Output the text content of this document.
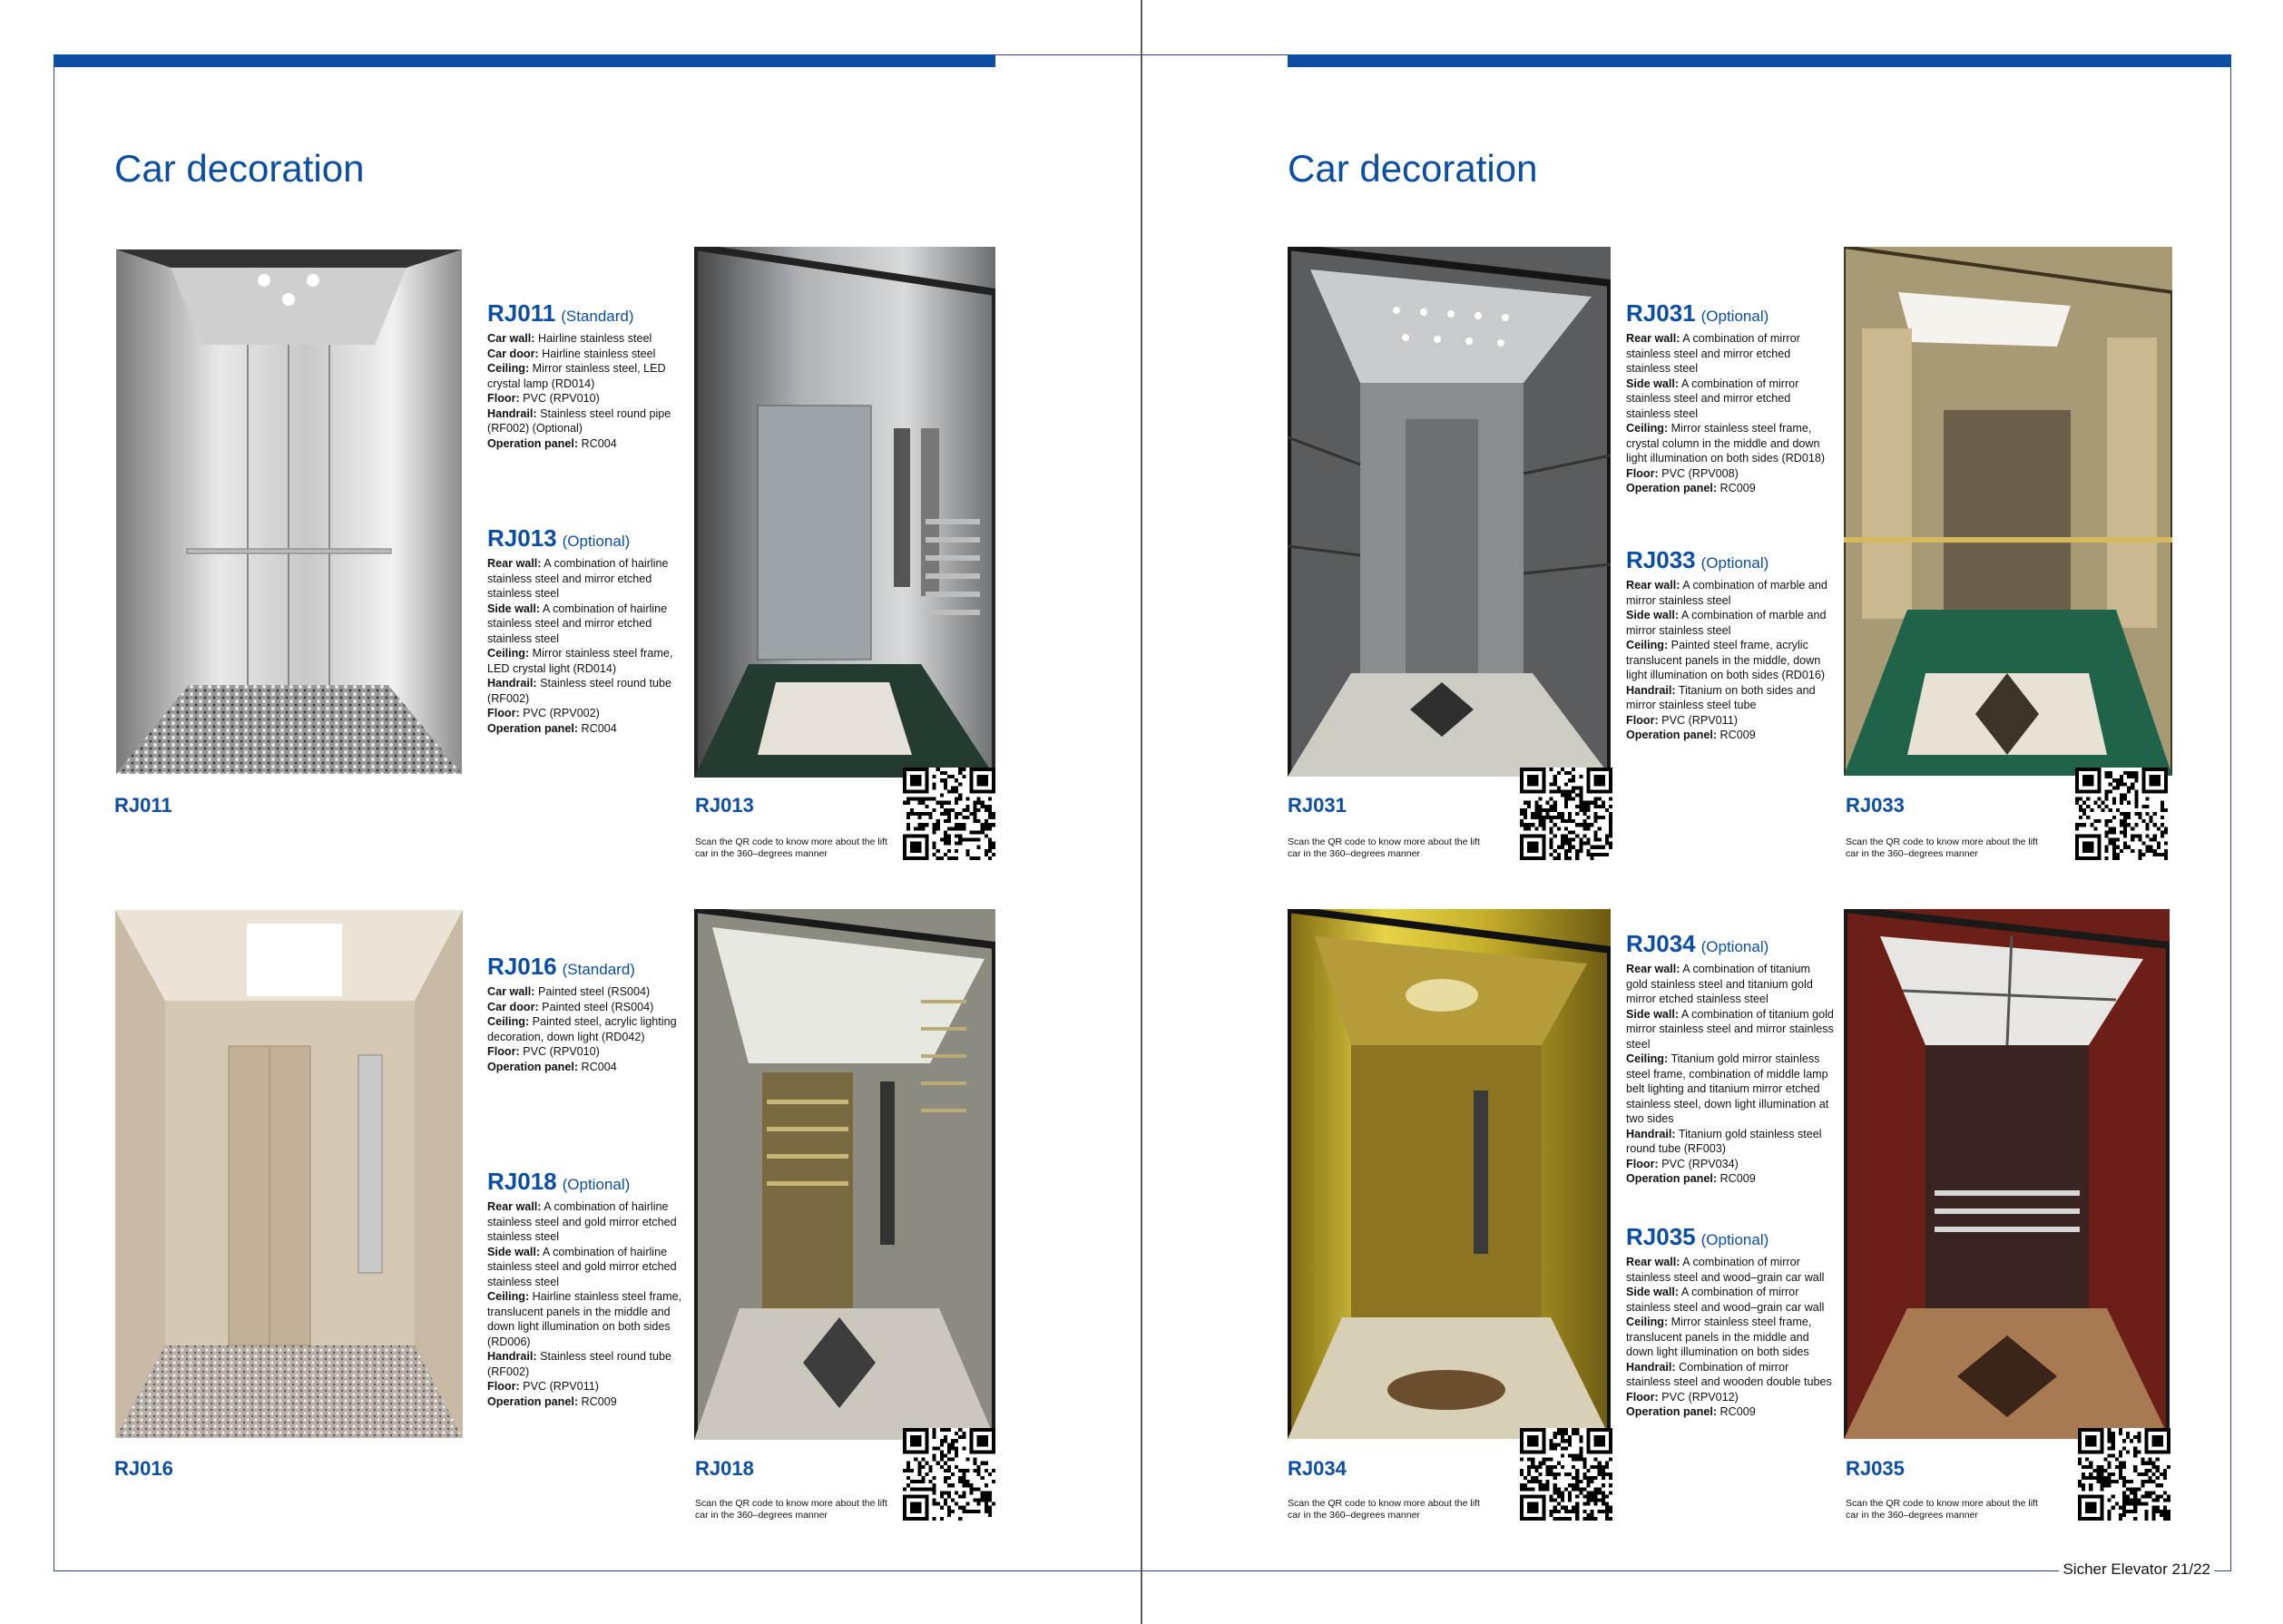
Car decoration	Car decoration
RJ011 (Standard)
Car wall: Hairline stainless steel
Car door: Hairline stainless steel
Ceiling: Mirror stainless steel, LED crystal lamp (RD014)
Floor: PVC (RPV010)
Handrail: Stainless steel round pipe (RF002) (Optional)
Operation panel: RC004
RJ013 (Optional)
Rear wall: A combination of hairline stainless steel and mirror etched stainless steel
Side wall: A combination of hairline stainless steel and mirror etched stainless steel
Ceiling: Mirror stainless steel frame, LED crystal light (RD014)
Handrail: Stainless steel round tube (RF002)
Floor: PVC (RPV002)
Operation panel: RC004
RJ016 (Standard)
Car wall: Painted steel (RS004)
Car door: Painted steel (RS004)
Ceiling: Painted steel, acrylic lighting decoration, down light (RD042)
Floor: PVC (RPV010)
Operation panel: RC004
RJ018 (Optional)
Rear wall: A combination of hairline stainless steel and gold mirror etched stainless steel
Side wall: A combination of hairline stainless steel and gold mirror etched stainless steel
Ceiling: Hairline stainless steel frame, translucent panels in the middle and down light illumination on both sides (RD006)
Handrail: Stainless steel round tube (RF002)
Floor: PVC (RPV011)
Operation panel: RC009
RJ011	RJ013
RJ016	RJ018
Scan the QR code to know more about the lift car in the 360–degrees manner
Scan the QR code to know more about the lift car in the 360–degrees manner
RJ031 (Optional)
Rear wall: A combination of mirror stainless steel and mirror etched stainless steel
Side wall: A combination of mirror stainless steel and mirror etched stainless steel
Ceiling: Mirror stainless steel frame, crystal column in the middle and down light illumination on both sides (RD018)
Floor: PVC (RPV008)
Operation panel: RC009
RJ033 (Optional)
Rear wall: A combination of marble and mirror stainless steel
Side wall: A combination of marble and mirror stainless steel
Ceiling: Painted steel frame, acrylic translucent panels in the middle, down light illumination on both sides (RD016)
Handrail: Titanium on both sides and mirror stainless steel tube
Floor: PVC (RPV011)
Operation panel: RC009
RJ034 (Optional)
Rear wall: A combination of titanium gold stainless steel and titanium gold mirror etched stainless steel
Side wall: A combination of titanium gold mirror stainless steel and mirror stainless steel
Ceiling: Titanium gold mirror stainless steel frame, combination of middle lamp belt lighting and titanium mirror etched stainless steel, down light illumination at two sides
Handrail: Titanium gold stainless steel round tube (RF003)
Floor: PVC (RPV034)
Operation panel: RC009
RJ035 (Optional)
Rear wall: A combination of mirror stainless steel and wood–grain car wall
Side wall: A combination of mirror stainless steel and wood–grain car wall
Ceiling: Mirror stainless steel frame, translucent panels in the middle and down light illumination on both sides
Handrail: Combination of mirror stainless steel and wooden double tubes
Floor: PVC (RPV012)
Operation panel: RC009
RJ031	RJ033
RJ034	RJ035
Scan the QR code to know more about the lift car in the 360–degrees manner
Scan the QR code to know more about the lift car in the 360–degrees manner
Scan the QR code to know more about the lift car in the 360–degrees manner
Scan the QR code to know more about the lift car in the 360–degrees manner
Sicher Elevator 21/22
